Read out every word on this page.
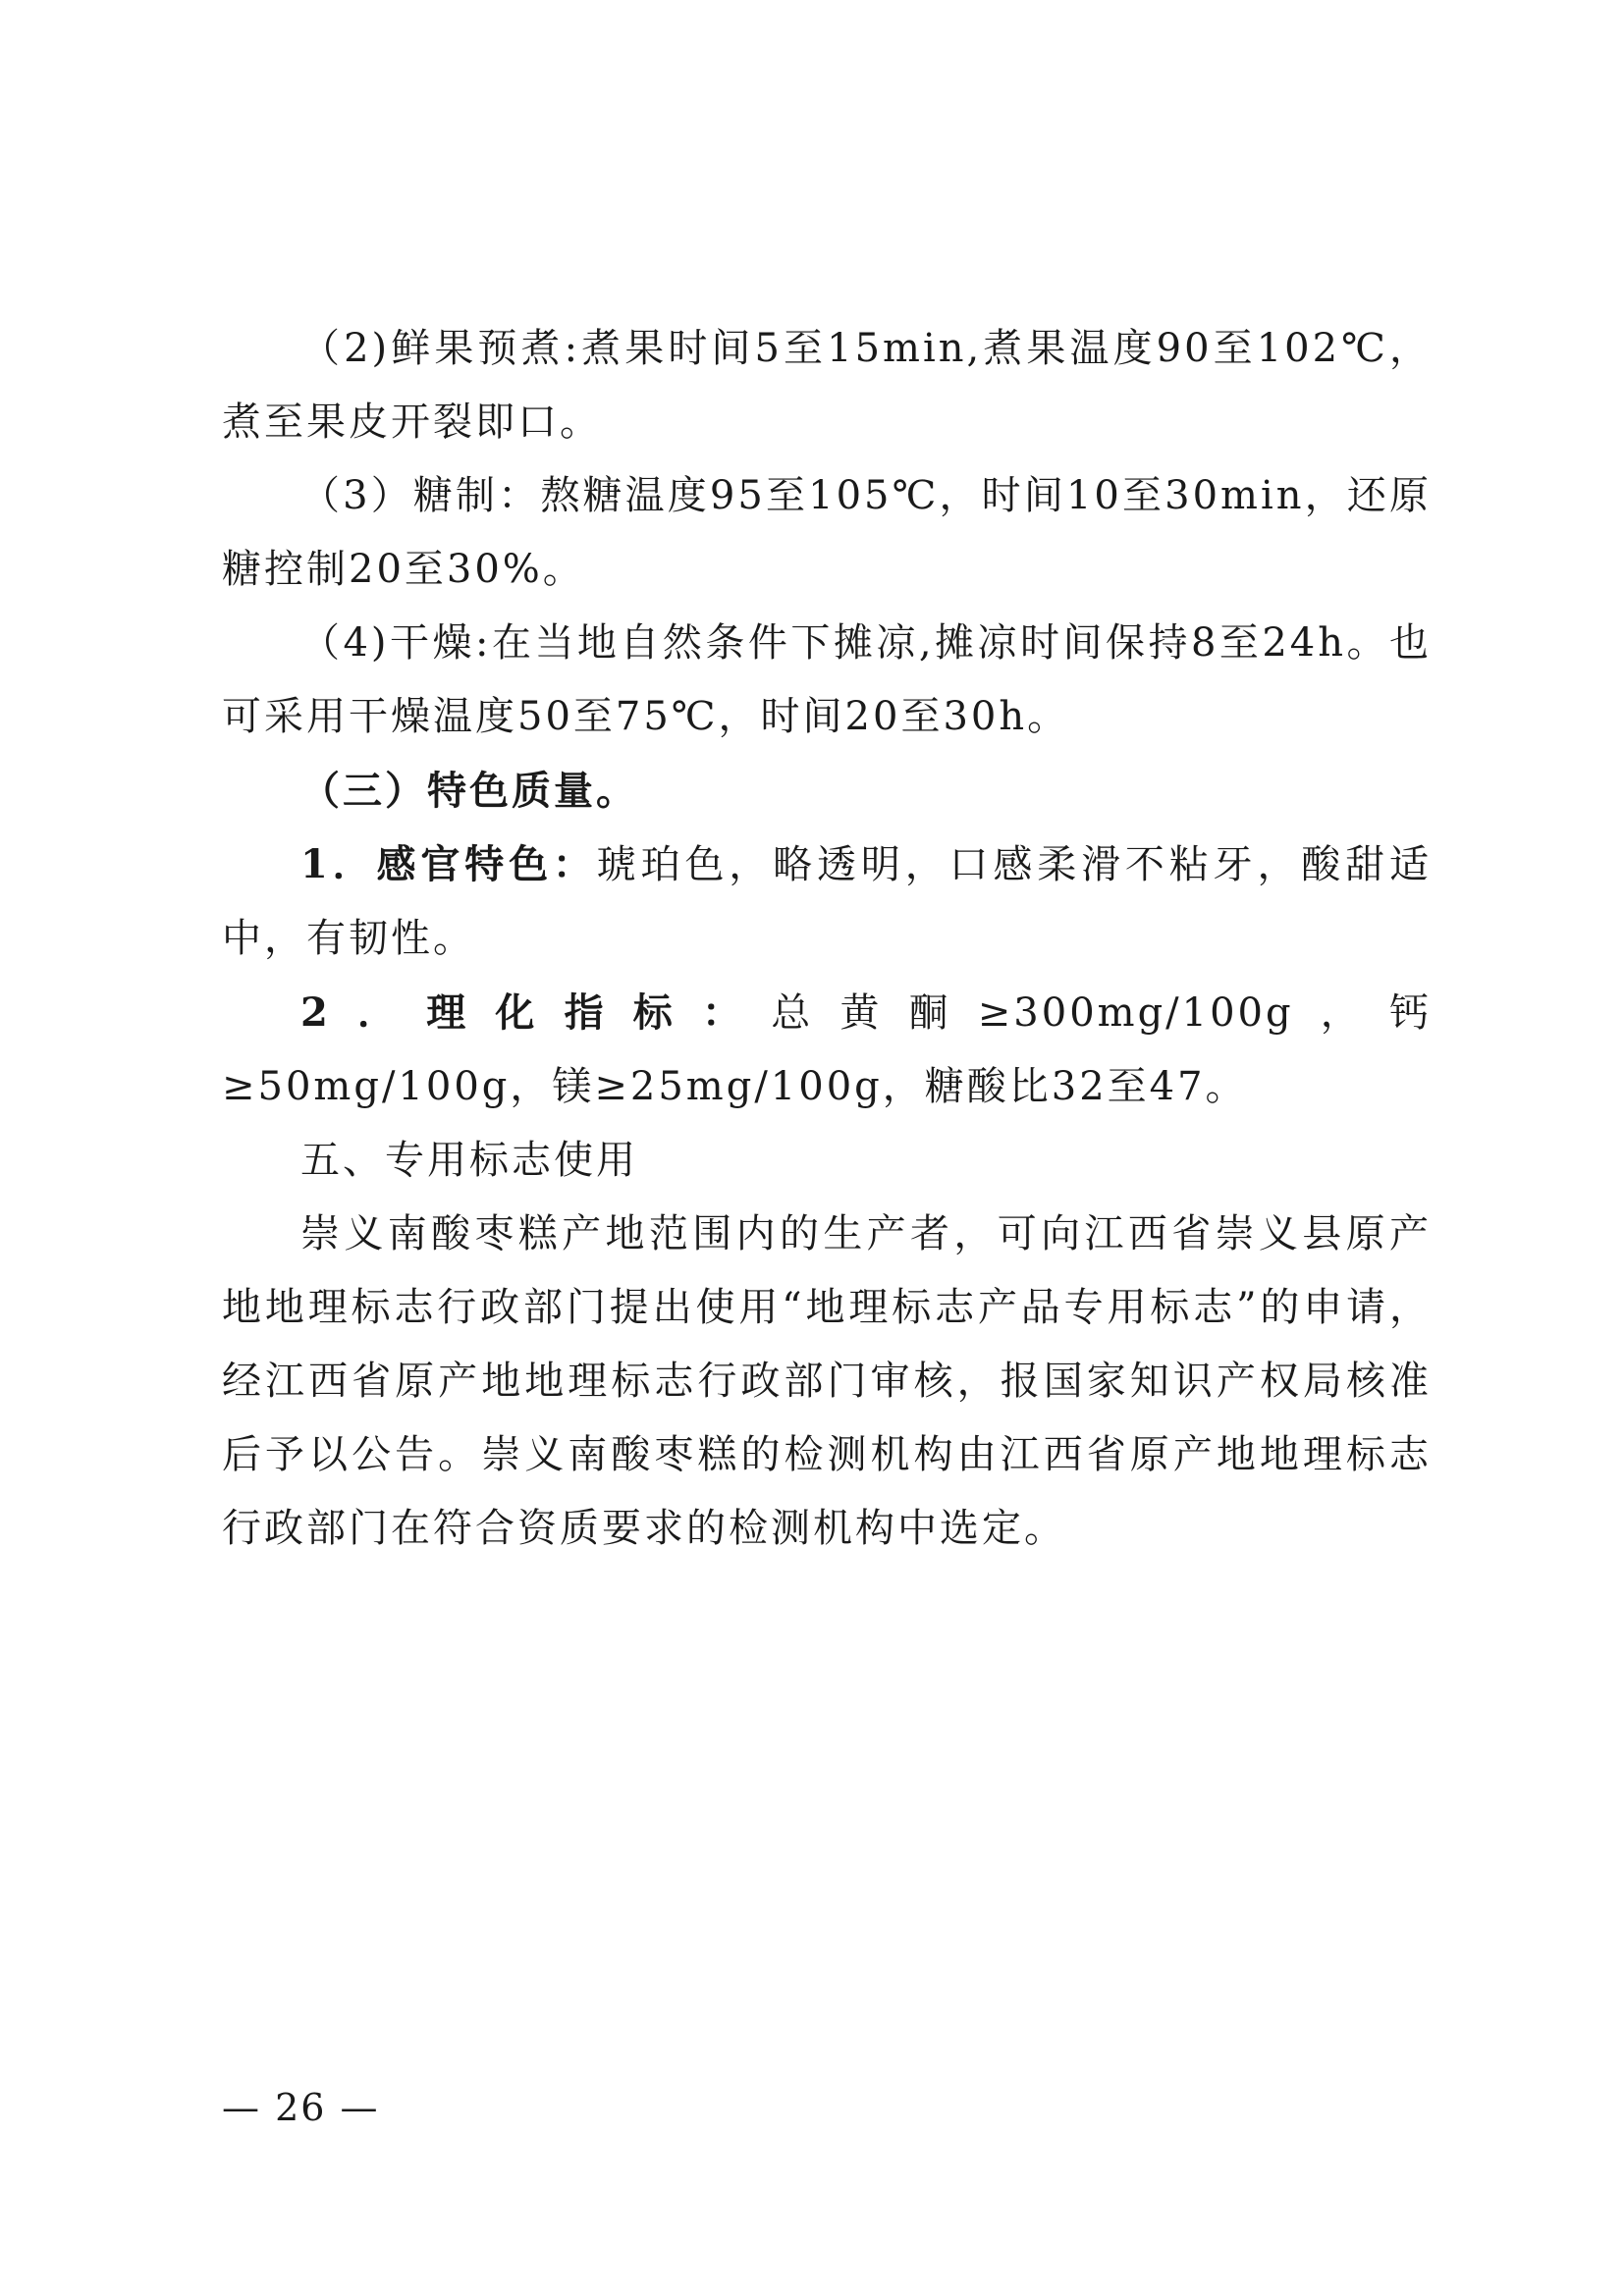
（2)鲜果预煮:煮果时间5至15min,煮果温度90至102℃，煮至果皮开裂即口。

（3）糖制：熬糖温度95至105℃，时间10至30min，还原糖控制20至30%。

（4)干燥:在当地自然条件下摊凉,摊凉时间保持8至24h。也可采用干燥温度50至75℃，时间20至30h。

（三）特色质量。

1．感官特色：琥珀色，略透明，口感柔滑不粘牙，酸甜适中，有韧性。

2．理化指标：总黄酮≥300mg/100g，钙≥50mg/100g，镁≥25mg/100g，糖酸比32至47。

五、专用标志使用

崇义南酸枣糕产地范围内的生产者，可向江西省崇义县原产地地理标志行政部门提出使用“地理标志产品专用标志”的申请，经江西省原产地地理标志行政部门审核，报国家知识产权局核准后予以公告。崇义南酸枣糕的检测机构由江西省原产地地理标志行政部门在符合资质要求的检测机构中选定。

— 26 —
